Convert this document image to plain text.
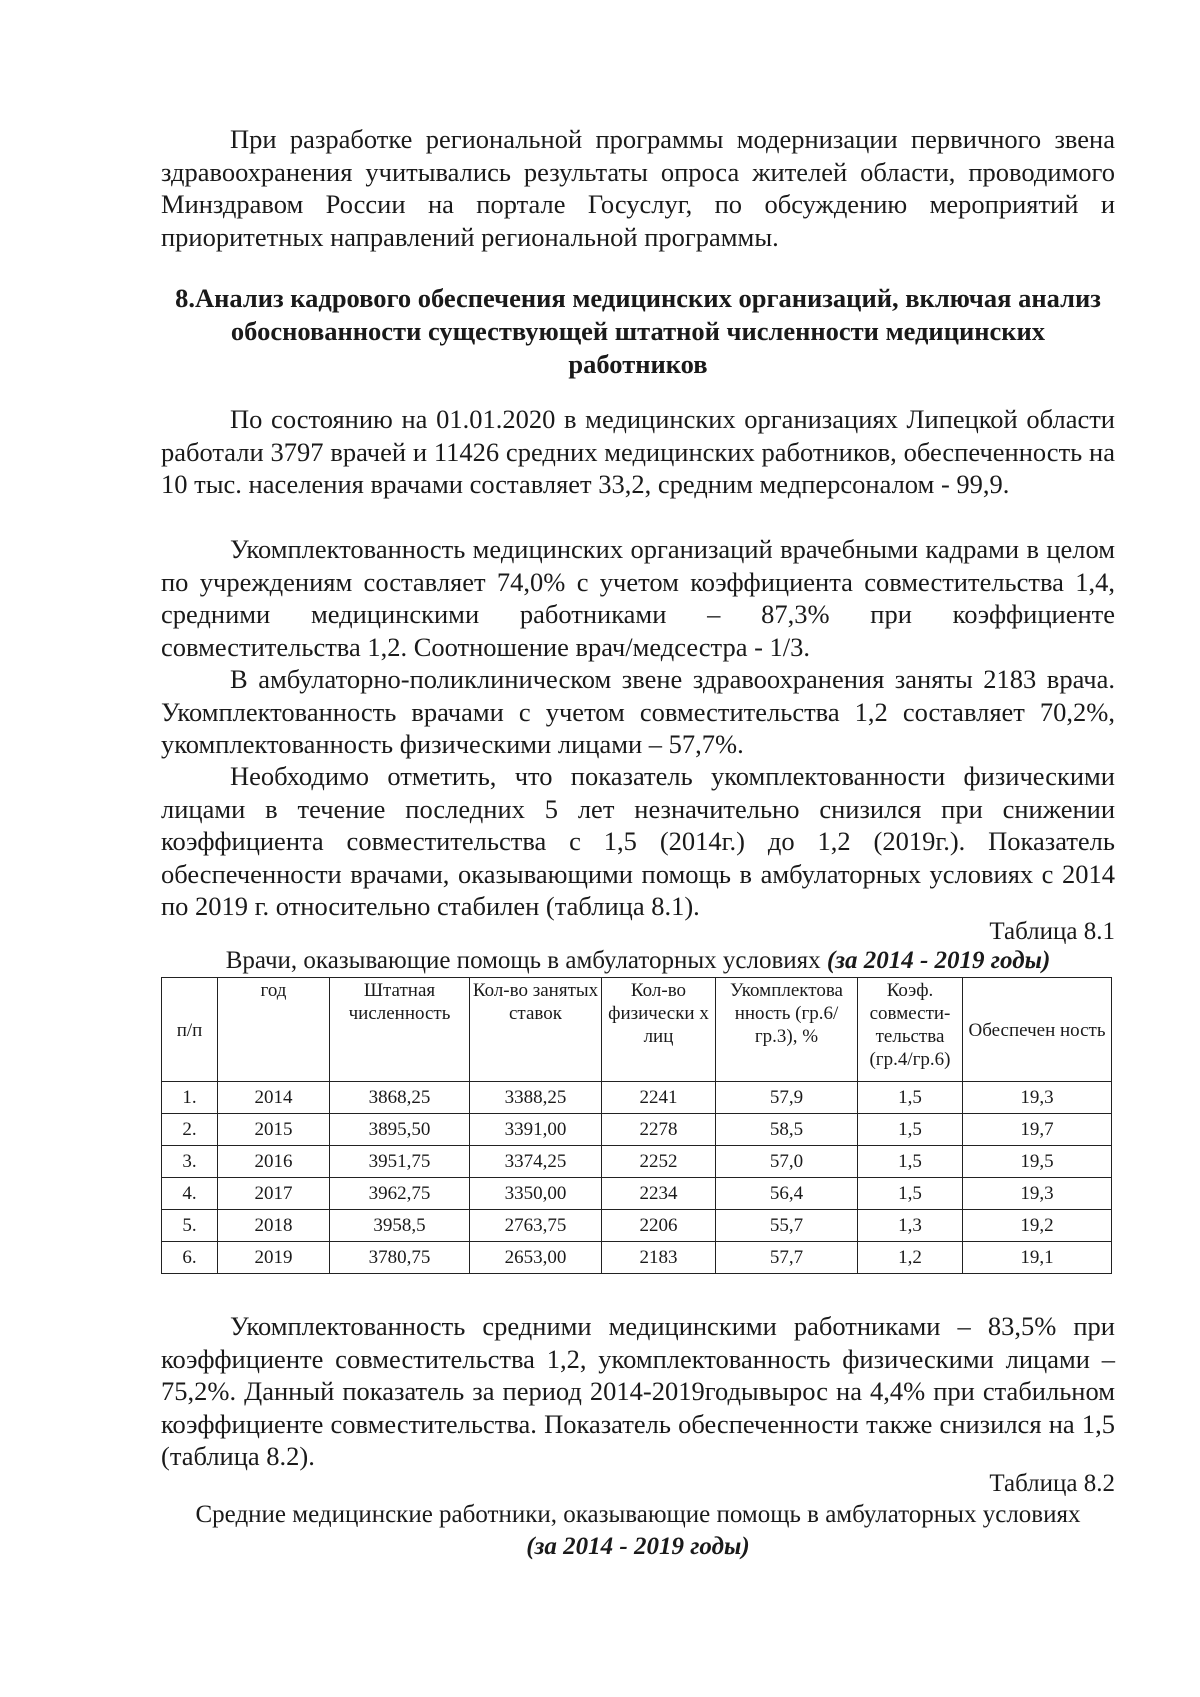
При разработке региональной программы модернизации первичного звена здравоохранения учитывались результаты опроса жителей области, проводимого Минздравом России на портале Госуслуг, по обсуждению мероприятий и приоритетных направлений региональной программы.

8.Анализ кадрового обеспечения медицинских организаций, включая анализ обоснованности существующей штатной численности медицинских работников

По состоянию на 01.01.2020 в медицинских организациях Липецкой области работали 3797 врачей и 11426 средних медицинских работников, обеспеченность на 10 тыс. населения врачами составляет 33,2, средним медперсоналом - 99,9.

Укомплектованность медицинских организаций врачебными кадрами в целом по учреждениям составляет 74,0% с учетом коэффициента совместительства 1,4, средними медицинскими работниками – 87,3% при коэффициенте совместительства 1,2. Соотношение врач/медсестра - 1/3.

В амбулаторно-поликлиническом звене здравоохранения заняты 2183 врача. Укомплектованность врачами с учетом совместительства 1,2 составляет 70,2%, укомплектованность физическими лицами – 57,7%.

Необходимо отметить, что показатель укомплектованности физическими лицами в течение последних 5 лет незначительно снизился при снижении коэффициента совместительства с 1,5 (2014г.) до 1,2 (2019г.). Показатель обеспеченности врачами, оказывающими помощь в амбулаторных условиях с 2014 по 2019 г. относительно стабилен (таблица 8.1).

Таблица 8.1

Врачи, оказывающие помощь в амбулаторных условиях (за 2014 - 2019 годы)

п/п	год	Штатная численность	Кол-во занятых ставок	Кол-во физически х лиц	Укомплектова нность (гр.6/гр.3), %	Коэф. совмести-тельства (гр.4/гр.6)	Обеспечен ность
1.	2014	3868,25	3388,25	2241	57,9	1,5	19,3
2.	2015	3895,50	3391,00	2278	58,5	1,5	19,7
3.	2016	3951,75	3374,25	2252	57,0	1,5	19,5
4.	2017	3962,75	3350,00	2234	56,4	1,5	19,3
5.	2018	3958,5	2763,75	2206	55,7	1,3	19,2
6.	2019	3780,75	2653,00	2183	57,7	1,2	19,1

Укомплектованность средними медицинскими работниками – 83,5% при коэффициенте совместительства 1,2, укомплектованность физическими лицами – 75,2%. Данный показатель за период 2014-2019годывырос на 4,4% при стабильном коэффициенте совместительства. Показатель обеспеченности также снизился на 1,5 (таблица 8.2).

Таблица 8.2

Средние медицинские работники, оказывающие помощь в амбулаторных условиях

(за 2014 - 2019 годы)
